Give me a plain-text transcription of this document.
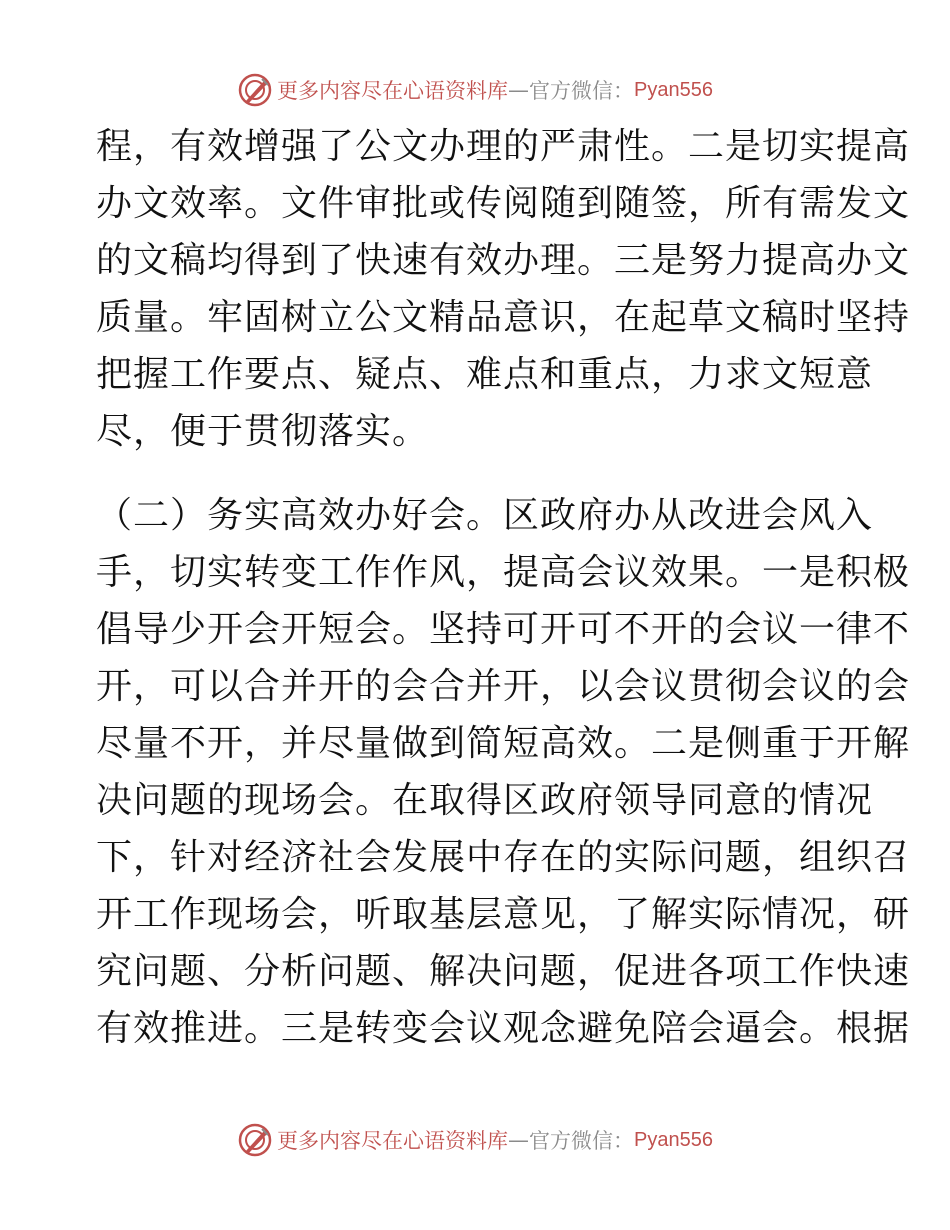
更多内容尽在心语资料库 — 官方微信： Pyan556
程，有效增强了公文办理的严肃性。二是切实提高
办文效率。文件审批或传阅随到随签，所有需发文
的文稿均得到了快速有效办理。三是努力提高办文
质量。牢固树立公文精品意识，在起草文稿时坚持
把握工作要点、疑点、难点和重点，力求文短意
尽，便于贯彻落实。
（二）务实高效办好会。区政府办从改进会风入
手，切实转变工作作风，提高会议效果。一是积极
倡导少开会开短会。坚持可开可不开的会议一律不
开，可以合并开的会合并开，以会议贯彻会议的会
尽量不开，并尽量做到简短高效。二是侧重于开解
决问题的现场会。在取得区政府领导同意的情况
下，针对经济社会发展中存在的实际问题，组织召
开工作现场会，听取基层意见，了解实际情况，研
究问题、分析问题、解决问题，促进各项工作快速
有效推进。三是转变会议观念避免陪会逼会。根据
更多内容尽在心语资料库 — 官方微信： Pyan556
